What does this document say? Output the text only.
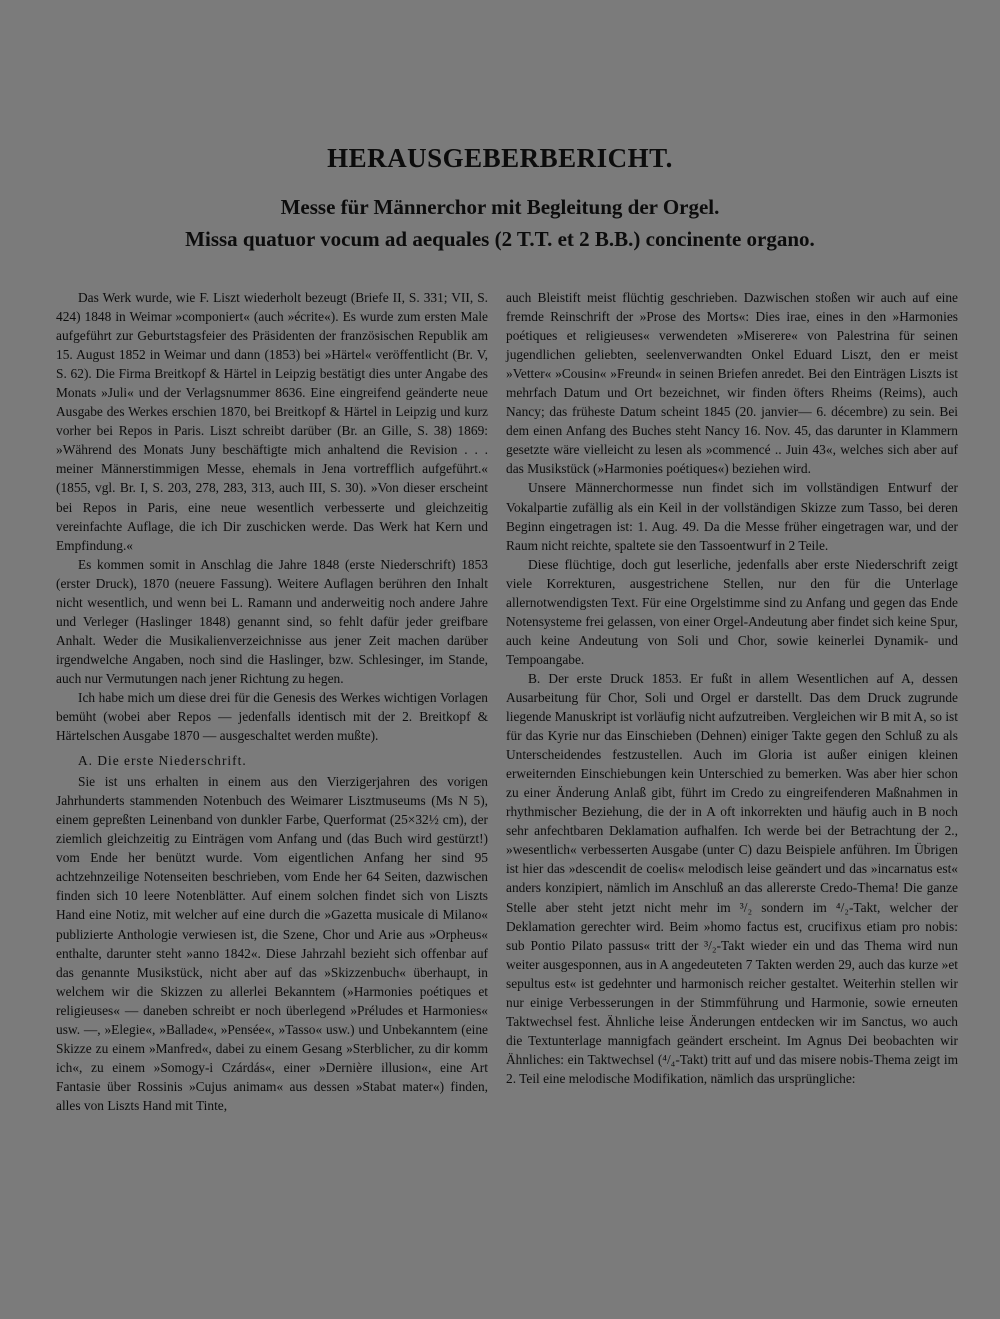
HERAUSGEBERBERICHT.
Messe für Männerchor mit Begleitung der Orgel.
Missa quatuor vocum ad aequales (2 T.T. et 2 B.B.) concinente organo.

Das Werk wurde, wie F. Liszt wiederholt bezeugt (Briefe II, S. 331; VII, S. 424) 1848 in Weimar »componiert« (auch »écrite«). Es wurde zum ersten Male aufgeführt zur Geburtstagsfeier des Präsidenten der französischen Republik am 15. August 1852 in Weimar und dann (1853) bei »Härtel« veröffentlicht (Br. V, S. 62). Die Firma Breitkopf & Härtel in Leipzig bestätigt dies unter Angabe des Monats »Juli« und der Verlagsnummer 8636. Eine eingreifend geänderte neue Ausgabe des Werkes erschien 1870, bei Breitkopf & Härtel in Leipzig und kurz vorher bei Repos in Paris. Liszt schreibt darüber (Br. an Gille, S. 38) 1869: »Während des Monats Juny beschäftigte mich anhaltend die Revision . . . meiner Männerstimmigen Messe, ehemals in Jena vortrefflich aufgeführt.« (1855, vgl. Br. I, S. 203, 278, 283, 313, auch III, S. 30). »Von dieser erscheint bei Repos in Paris, eine neue wesentlich verbesserte und gleichzeitig vereinfachte Auflage, die ich Dir zuschicken werde. Das Werk hat Kern und Empfindung.«

Es kommen somit in Anschlag die Jahre 1848 (erste Niederschrift) 1853 (erster Druck), 1870 (neuere Fassung). Weitere Auflagen berühren den Inhalt nicht wesentlich, und wenn bei L. Ramann und anderweitig noch andere Jahre und Verleger (Haslinger 1848) genannt sind, so fehlt dafür jeder greifbare Anhalt. Weder die Musikalienverzeichnisse aus jener Zeit machen darüber irgendwelche Angaben, noch sind die Haslinger, bzw. Schlesinger, im Stande, auch nur Vermutungen nach jener Richtung zu hegen.

Ich habe mich um diese drei für die Genesis des Werkes wichtigen Vorlagen bemüht (wobei aber Repos — jedenfalls identisch mit der 2. Breitkopf & Härtelschen Ausgabe 1870 — ausgeschaltet werden mußte).

A. Die erste Niederschrift.

Sie ist uns erhalten in einem aus den Vierzigerjahren des vorigen Jahrhunderts stammenden Notenbuch des Weimarer Lisztmuseums (Ms N 5), einem gepreßten Leinenband von dunkler Farbe, Querformat (25×32½ cm), der ziemlich gleichzeitig zu Einträgen vom Anfang und (das Buch wird gestürzt!) vom Ende her benützt wurde. Vom eigentlichen Anfang her sind 95 achtzehnzeilige Notenseiten beschrieben, vom Ende her 64 Seiten, dazwischen finden sich 10 leere Notenblätter. Auf einem solchen findet sich von Liszts Hand eine Notiz, mit welcher auf eine durch die »Gazetta musicale di Milano« publizierte Anthologie verwiesen ist, die Szene, Chor und Arie aus »Orpheus« enthalte, darunter steht »anno 1842«. Diese Jahrzahl bezieht sich offenbar auf das genannte Musikstück, nicht aber auf das »Skizzenbuch« überhaupt, in welchem wir die Skizzen zu allerlei Bekanntem (»Harmonies poétiques et religieuses« — daneben schreibt er noch überlegend »Préludes et Harmonies« usw. —, »Elegie«, »Ballade«, »Pensée«, »Tasso« usw.) und Unbekanntem (eine Skizze zu einem »Manfred«, dabei zu einem Gesang »Sterblicher, zu dir komm ich«, zu einem »Somogy-i Czárdás«, einer »Dernière illusion«, eine Art Fantasie über Rossinis »Cujus animam« aus dessen »Stabat mater«) finden, alles von Liszts Hand mit Tinte,

auch Bleistift meist flüchtig geschrieben. Dazwischen stoßen wir auch auf eine fremde Reinschrift der »Prose des Morts«: Dies irae, eines in den »Harmonies poétiques et religieuses« verwendeten »Miserere« von Palestrina für seinen jugendlichen geliebten, seelenverwandten Onkel Eduard Liszt, den er meist »Vetter« »Cousin« »Freund« in seinen Briefen anredet. Bei den Einträgen Liszts ist mehrfach Datum und Ort bezeichnet, wir finden öfters Rheims (Reims), auch Nancy; das früheste Datum scheint 1845 (20. janvier— 6. décembre) zu sein. Bei dem einen Anfang des Buches steht Nancy 16. Nov. 45, das darunter in Klammern gesetzte wäre vielleicht zu lesen als »commencé .. Juin 43«, welches sich aber auf das Musikstück (»Harmonies poétiques«) beziehen wird.

Unsere Männerchormesse nun findet sich im vollständigen Entwurf der Vokalpartie zufällig als ein Keil in der vollständigen Skizze zum Tasso, bei deren Beginn eingetragen ist: 1. Aug. 49. Da die Messe früher eingetragen war, und der Raum nicht reichte, spaltete sie den Tassoentwurf in 2 Teile.

Diese flüchtige, doch gut leserliche, jedenfalls aber erste Niederschrift zeigt viele Korrekturen, ausgestrichene Stellen, nur den für die Unterlage allernotwendigsten Text. Für eine Orgelstimme sind zu Anfang und gegen das Ende Notensysteme frei gelassen, von einer Orgel-Andeutung aber findet sich keine Spur, auch keine Andeutung von Soli und Chor, sowie keinerlei Dynamik- und Tempoangabe.

B. Der erste Druck 1853. Er fußt in allem Wesentlichen auf A, dessen Ausarbeitung für Chor, Soli und Orgel er darstellt. Das dem Druck zugrunde liegende Manuskript ist vorläufig nicht aufzutreiben. Vergleichen wir B mit A, so ist für das Kyrie nur das Einschieben (Dehnen) einiger Takte gegen den Schluß zu als Unterscheidendes festzustellen. Auch im Gloria ist außer einigen kleinen erweiternden Einschiebungen kein Unterschied zu bemerken. Was aber hier schon zu einer Änderung Anlaß gibt, führt im Credo zu eingreifenderen Maßnahmen in rhythmischer Beziehung, die der in A oft inkorrekten und häufig auch in B noch sehr anfechtbaren Deklamation aufhalfen. Ich werde bei der Betrachtung der 2., »wesentlich« verbesserten Ausgabe (unter C) dazu Beispiele anführen. Im Übrigen ist hier das »descendit de coelis« melodisch leise geändert und das »incarnatus est« anders konzipiert, nämlich im Anschluß an das allererste Credo-Thema! Die ganze Stelle aber steht jetzt nicht mehr im ³/₂ sondern im ⁴/₂-Takt, welcher der Deklamation gerechter wird. Beim »homo factus est, crucifixus etiam pro nobis: sub Pontio Pilato passus« tritt der ³/₂-Takt wieder ein und das Thema wird nun weiter ausgesponnen, aus in A angedeuteten 7 Takten werden 29, auch das kurze »et sepultus est« ist gedehnter und harmonisch reicher gestaltet. Weiterhin stellen wir nur einige Verbesserungen in der Stimmführung und Harmonie, sowie erneuten Taktwechsel fest. Ähnliche leise Änderungen entdecken wir im Sanctus, wo auch die Textunterlage mannigfach geändert erscheint. Im Agnus Dei beobachten wir Ähnliches: ein Taktwechsel (⁴/₄-Takt) tritt auf und das misere nobis-Thema zeigt im 2. Teil eine melodische Modifikation, nämlich das ursprüngliche:
